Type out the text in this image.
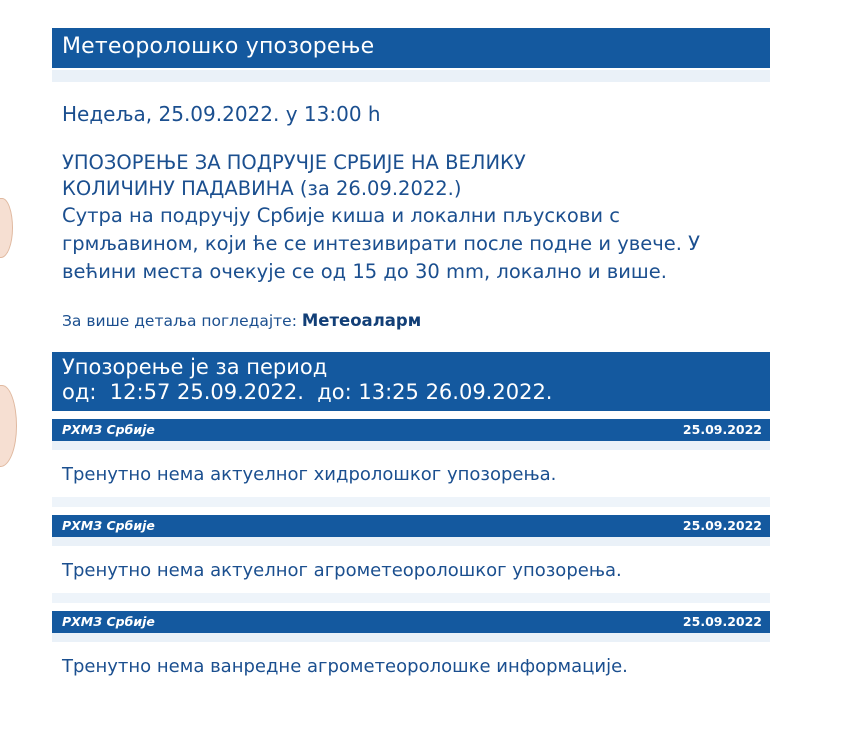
Метеоролошко упозорење
Недеља, 25.09.2022. у 13:00 h
УПОЗОРЕЊЕ ЗА ПОДРУЧЈЕ СРБИЈЕ НА ВЕЛИКУ
КОЛИЧИНУ ПАДАВИНА (за 26.09.2022.)
Сутра на подручју Србије киша и локални пљускови с грмљавином, који ће се интезивирати после подне и увече. У већини места очекује се од 15 до 30 mm, локално и више.
За више детаља погледајте: Метеоаларм
Упозорење је за период
од:  12:57 25.09.2022.  до: 13:25 26.09.2022.
РХМЗ Србије	25.09.2022
Тренутно нема актуелног хидролошког упозорења.
РХМЗ Србије	25.09.2022
Тренутно нема актуелног агрометеоролошког упозорења.
РХМЗ Србије	25.09.2022
Тренутно нема ванредне агрометеоролошке информације.
